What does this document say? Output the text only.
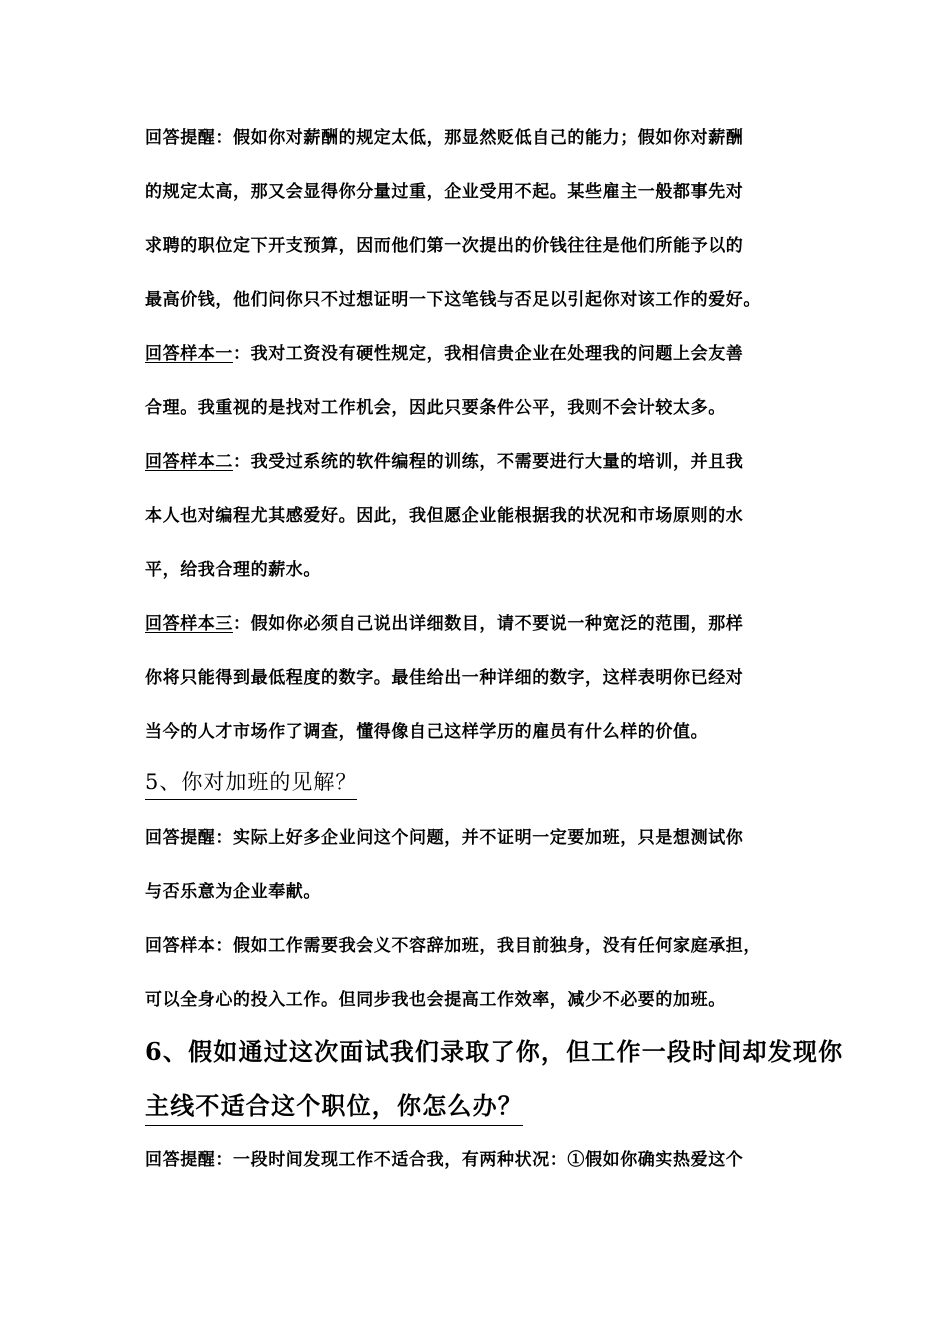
回答提醒：假如你对薪酬的规定太低，那显然贬低自己的能力；假如你对薪酬
的规定太高，那又会显得你分量过重，企业受用不起。某些雇主一般都事先对
求聘的职位定下开支预算，因而他们第一次提出的价钱往往是他们所能予以的
最高价钱，他们问你只不过想证明一下这笔钱与否足以引起你对该工作的爱好。
回答样本一：我对工资没有硬性规定，我相信贵企业在处理我的问题上会友善
合理。我重视的是找对工作机会，因此只要条件公平，我则不会计较太多。
回答样本二：我受过系统的软件编程的训练，不需要进行大量的培训，并且我
本人也对编程尤其感爱好。因此，我但愿企业能根据我的状况和市场原则的水
平，给我合理的薪水。
回答样本三：假如你必须自己说出详细数目，请不要说一种宽泛的范围，那样
你将只能得到最低程度的数字。最佳给出一种详细的数字，这样表明你已经对
当今的人才市场作了调查，懂得像自己这样学历的雇员有什么样的价值。
5、你对加班的见解？
回答提醒：实际上好多企业问这个问题，并不证明一定要加班，只是想测试你
与否乐意为企业奉献。
回答样本：假如工作需要我会义不容辞加班，我目前独身，没有任何家庭承担，
可以全身心的投入工作。但同步我也会提高工作效率，减少不必要的加班。
6、假如通过这次面试我们录取了你，但工作一段时间却发现你
主线不适合这个职位，你怎么办？
回答提醒：一段时间发现工作不适合我，有两种状况：①假如你确实热爱这个
